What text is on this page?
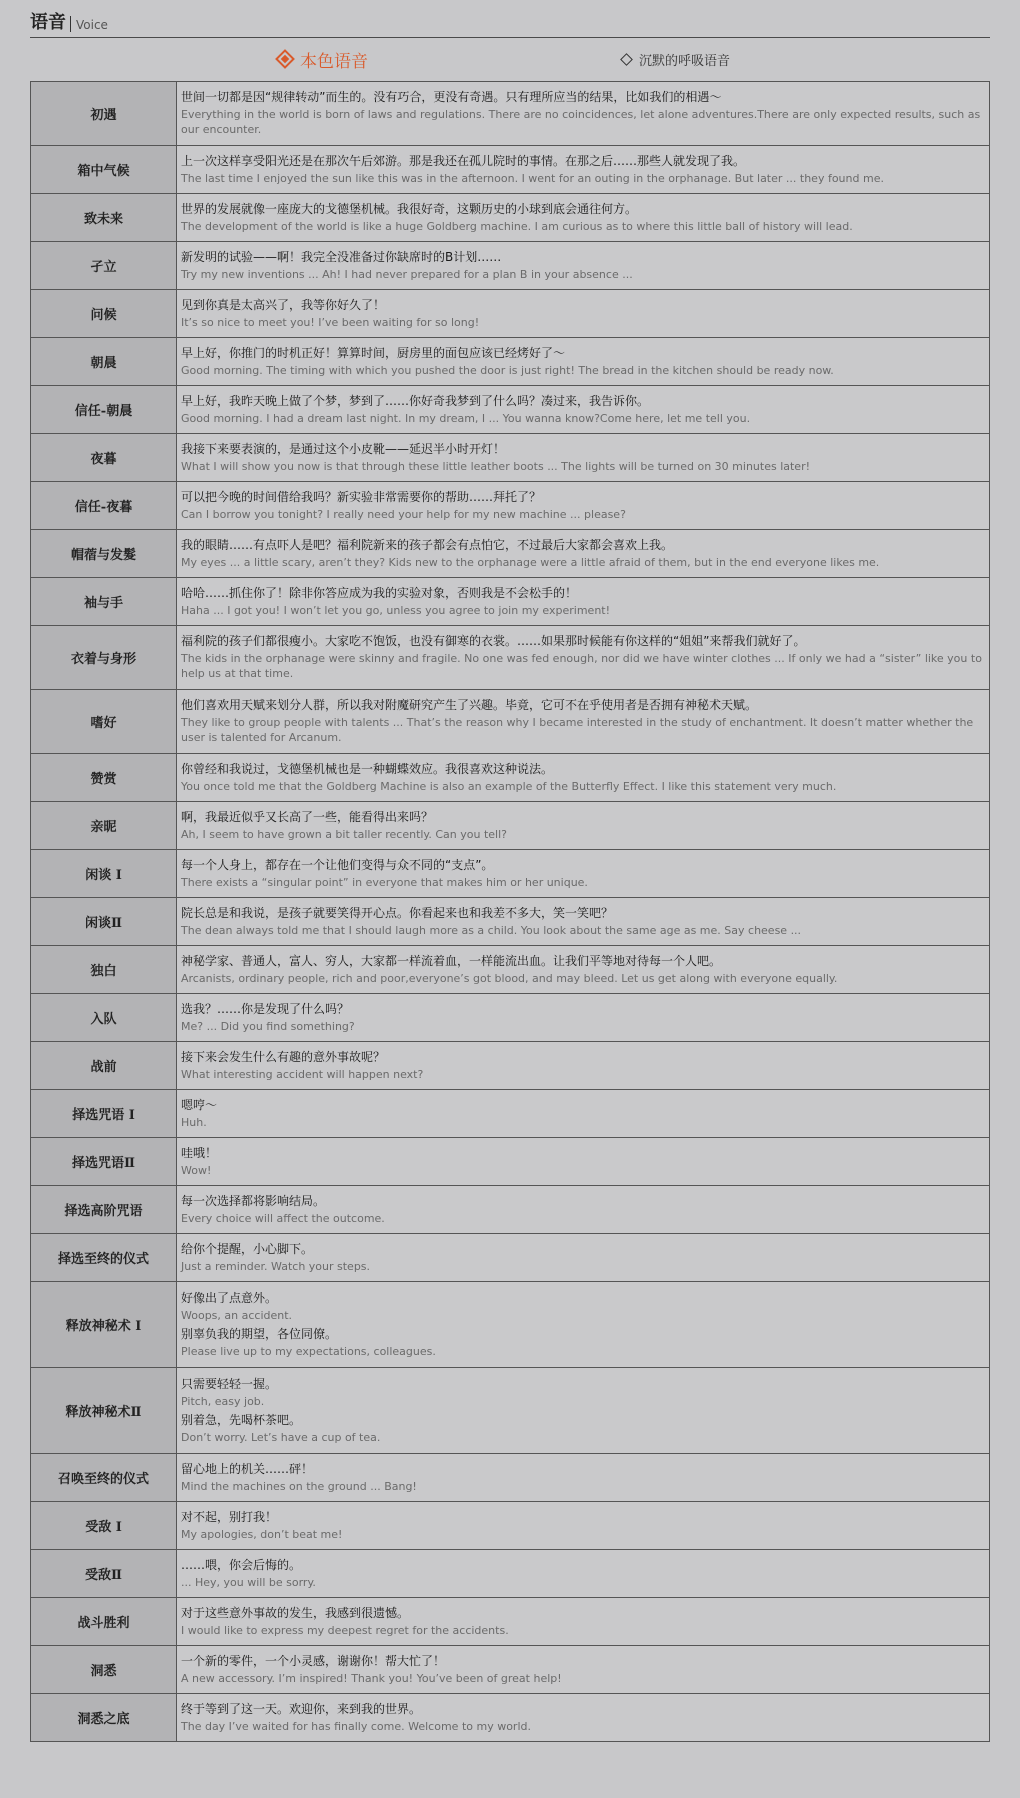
语音 Voice
本色语音	沉默的呼吸语音
初遇	世间一切都是因“规律转动”而生的。没有巧合，更没有奇遇。只有理所应当的结果，比如我们的相遇～
Everything in the world is born of laws and regulations. There are no coincidences, let alone adventures.There are only expected results, such as our encounter.

箱中气候	上一次这样享受阳光还是在那次午后郊游。那是我还在孤儿院时的事情。在那之后……那些人就发现了我。
The last time I enjoyed the sun like this was in the afternoon. I went for an outing in the orphanage. But later ... they found me.

致未来	世界的发展就像一座庞大的戈德堡机械。我很好奇，这颗历史的小球到底会通往何方。
The development of the world is like a huge Goldberg machine. I am curious as to where this little ball of history will lead.

孑立	新发明的试验——啊！我完全没准备过你缺席时的B计划……
Try my new inventions ... Ah! I had never prepared for a plan B in your absence ...

问候	见到你真是太高兴了，我等你好久了！
It’s so nice to meet you! I’ve been waiting for so long!

朝晨	早上好，你推门的时机正好！算算时间，厨房里的面包应该已经烤好了～
Good morning. The timing with which you pushed the door is just right! The bread in the kitchen should be ready now.

信任-朝晨	早上好，我昨天晚上做了个梦，梦到了……你好奇我梦到了什么吗？凑过来，我告诉你。
Good morning. I had a dream last night. In my dream, I ... You wanna know?Come here, let me tell you.

夜暮	我接下来要表演的，是通过这个小皮靴——延迟半小时开灯！
What I will show you now is that through these little leather boots ... The lights will be turned on 30 minutes later!

信任-夜暮	可以把今晚的时间借给我吗？新实验非常需要你的帮助……拜托了？
Can I borrow you tonight? I really need your help for my new machine ... please?

帽蓿与发髮	我的眼睛……有点吓人是吧？福利院新来的孩子都会有点怕它，不过最后大家都会喜欢上我。
My eyes ... a little scary, aren’t they? Kids new to the orphanage were a little afraid of them, but in the end everyone likes me.

袖与手	哈哈……抓住你了！除非你答应成为我的实验对象，否则我是不会松手的！
Haha ... I got you! I won’t let you go, unless you agree to join my experiment!

衣着与身形	福利院的孩子们都很瘦小。大家吃不饱饭，也没有御寒的衣裳。……如果那时候能有你这样的“姐姐”来帮我们就好了。
The kids in the orphanage were skinny and fragile. No one was fed enough, nor did we have winter clothes ... If only we had a “sister” like you to help us at that time.

嗜好	他们喜欢用天赋来划分人群，所以我对附魔研究产生了兴趣。毕竟，它可不在乎使用者是否拥有神秘术天赋。
They like to group people with talents ... That’s the reason why I became interested in the study of enchantment. It doesn’t matter whether the user is talented for Arcanum.

赞赏	你曾经和我说过，戈德堡机械也是一种蝴蝶效应。我很喜欢这种说法。
You once told me that the Goldberg Machine is also an example of the Butterfly Effect. I like this statement very much.

亲昵	啊，我最近似乎又长高了一些，能看得出来吗？
Ah, I seem to have grown a bit taller recently. Can you tell?

闲谈 I	每一个人身上，都存在一个让他们变得与众不同的“支点”。
There exists a “singular point” in everyone that makes him or her unique.

闲谈Ⅱ	院长总是和我说，是孩子就要笑得开心点。你看起来也和我差不多大，笑一笑吧？
The dean always told me that I should laugh more as a child. You look about the same age as me. Say cheese ...

独白	神秘学家、普通人，富人、穷人，大家都一样流着血，一样能流出血。让我们平等地对待每一个人吧。
Arcanists, ordinary people, rich and poor,everyone’s got blood, and may bleed. Let us get along with everyone equally.

入队	选我？……你是发现了什么吗？
Me? ... Did you find something?

战前	接下来会发生什么有趣的意外事故呢？
What interesting accident will happen next?

择选咒语 I	嗯哼～
Huh.

择选咒语Ⅱ	哇哦！
Wow!

择选高阶咒语	每一次选择都将影响结局。
Every choice will affect the outcome.

择选至终的仪式	给你个提醒，小心脚下。
Just a reminder. Watch your steps.

释放神秘术 I	好像出了点意外。
Woops, an accident.
别辜负我的期望，各位同僚。
Please live up to my expectations, colleagues.

释放神秘术Ⅱ	只需要轻轻一握。
Pitch, easy job.
别着急，先喝杯茶吧。
Don’t worry. Let’s have a cup of tea.

召唤至终的仪式	留心地上的机关……砰！
Mind the machines on the ground ... Bang!

受敌 I	对不起，别打我！
My apologies, don’t beat me!

受敌Ⅱ	……喂，你会后悔的。
... Hey, you will be sorry.

战斗胜利	对于这些意外事故的发生，我感到很遗憾。
I would like to express my deepest regret for the accidents.

洞悉	一个新的零件，一个小灵感，谢谢你！帮大忙了！
A new accessory. I’m inspired! Thank you! You’ve been of great help!

洞悉之底	终于等到了这一天。欢迎你，来到我的世界。
The day I’ve waited for has finally come. Welcome to my world.
